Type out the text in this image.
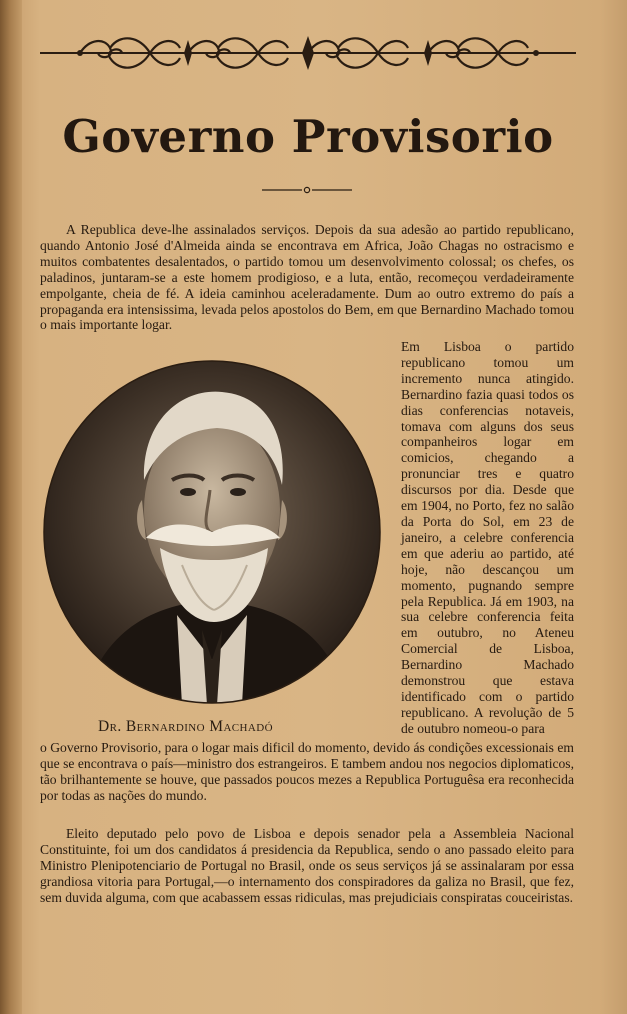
Governo Provisorio
A Republica deve-lhe assinalados serviços. Depois da sua adesão ao partido republicano, quando Antonio José d'Almeida ainda se encontrava em Africa, João Chagas no ostracismo e muitos combatentes desalentados, o partido tomou um desenvolvimento colossal; os chefes, os paladinos, juntaram-se a este homem prodigioso, e a luta, então, recomeçou verdadeiramente empolgante, cheia de fé. A ideia caminhou aceleradamente. Dum ao outro extremo do país a propaganda era intensissima, levada pelos apostolos do Bem, em que Bernardino Machado tomou o mais importante logar.
Dr. Bernardino Machadó
Em Lisboa o partido republicano tomou um incremento nunca atingido. Bernardino fazia quasi todos os dias conferencias notaveis, tomava com alguns dos seus companheiros logar em comicios, chegando a pronunciar tres e quatro discursos por dia. Desde que em 1904, no Porto, fez no salão da Porta do Sol, em 23 de janeiro, a celebre conferencia em que aderiu ao partido, até hoje, não descançou um momento, pugnando sempre pela Republica. Já em 1903, na sua celebre conferencia feita em outubro, no Ateneu Comercial de Lisboa, Bernardino Machado demonstrou que estava identificado com o partido republicano. A revolução de 5 de outubro nomeou-o para
o Governo Provisorio, para o logar mais dificil do momento, devido ás condições excessionais em que se encontrava o país—ministro dos estrangeiros. E tambem andou nos negocios diplomaticos, tão brilhantemente se houve, que passados poucos mezes a Republica Portuguêsa era reconhecida por todas as nações do mundo.
Eleito deputado pelo povo de Lisboa e depois senador pela a Assembleia Nacional Constituinte, foi um dos candidatos á presidencia da Republica, sendo o ano passado eleito para Ministro Plenipotenciario de Portugal no Brasil, onde os seus serviços já se assinalaram por essa grandiosa vitoria para Portugal,—o internamento dos conspiradores da galiza no Brasil, que fez, sem duvida alguma, com que acabassem essas ridiculas, mas prejudiciais conspiratas couceiristas.
